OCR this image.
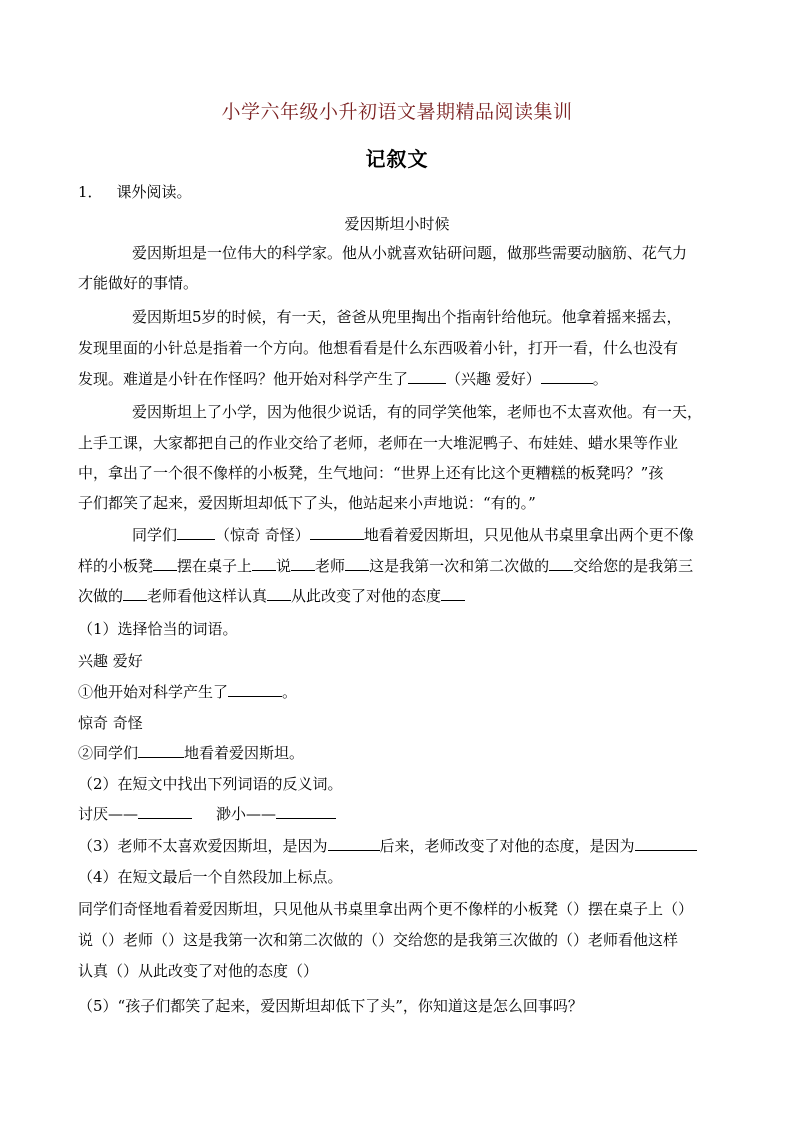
小学六年级小升初语文暑期精品阅读集训
记叙文
1． 课外阅读。
爱因斯坦小时候
爱因斯坦是一位伟大的科学家。他从小就喜欢钻研问题，做那些需要动脑筋、花气力
才能做好的事情。
爱因斯坦5岁的时候，有一天，爸爸从兜里掏出个指南针给他玩。他拿着摇来摇去，
发现里面的小针总是指着一个方向。他想看看是什么东西吸着小针，打开一看，什么也没有
发现。难道是小针在作怪吗？他开始对科学产生了	（兴趣 爱好）	。
爱因斯坦上了小学，因为他很少说话，有的同学笑他笨，老师也不太喜欢他。有一天，
上手工课，大家都把自己的作业交给了老师，老师在一大堆泥鸭子、布娃娃、蜡水果等作业
中，拿出了一个很不像样的小板凳，生气地问：“世界上还有比这个更糟糕的板凳吗？”孩
子们都笑了起来，爱因斯坦却低下了头，他站起来小声地说：“有的。”
同学们	（惊奇 奇怪）	地看着爱因斯坦，只见他从书桌里拿出两个更不像
样的小板凳 摆在桌子上 说 老师 这是我第一次和第二次做的 交给您的是我第三
次做的 老师看他这样认真 从此改变了对他的态度
（1）选择恰当的词语。
兴趣 爱好
①他开始对科学产生了	。
惊奇 奇怪
②同学们	地看着爱因斯坦。
（2）在短文中找出下列词语的反义词。
讨厌——	渺小——
（3）老师不太喜欢爱因斯坦，是因为	后来，老师改变了对他的态度，是因为
（4）在短文最后一个自然段加上标点。
同学们奇怪地看着爱因斯坦，只见他从书桌里拿出两个更不像样的小板凳（）摆在桌子上（）
说（）老师（）这是我第一次和第二次做的（）交给您的是我第三次做的（）老师看他这样
认真（）从此改变了对他的态度（）
（5）“孩子们都笑了起来，爱因斯坦却低下了头”，你知道这是怎么回事吗？
